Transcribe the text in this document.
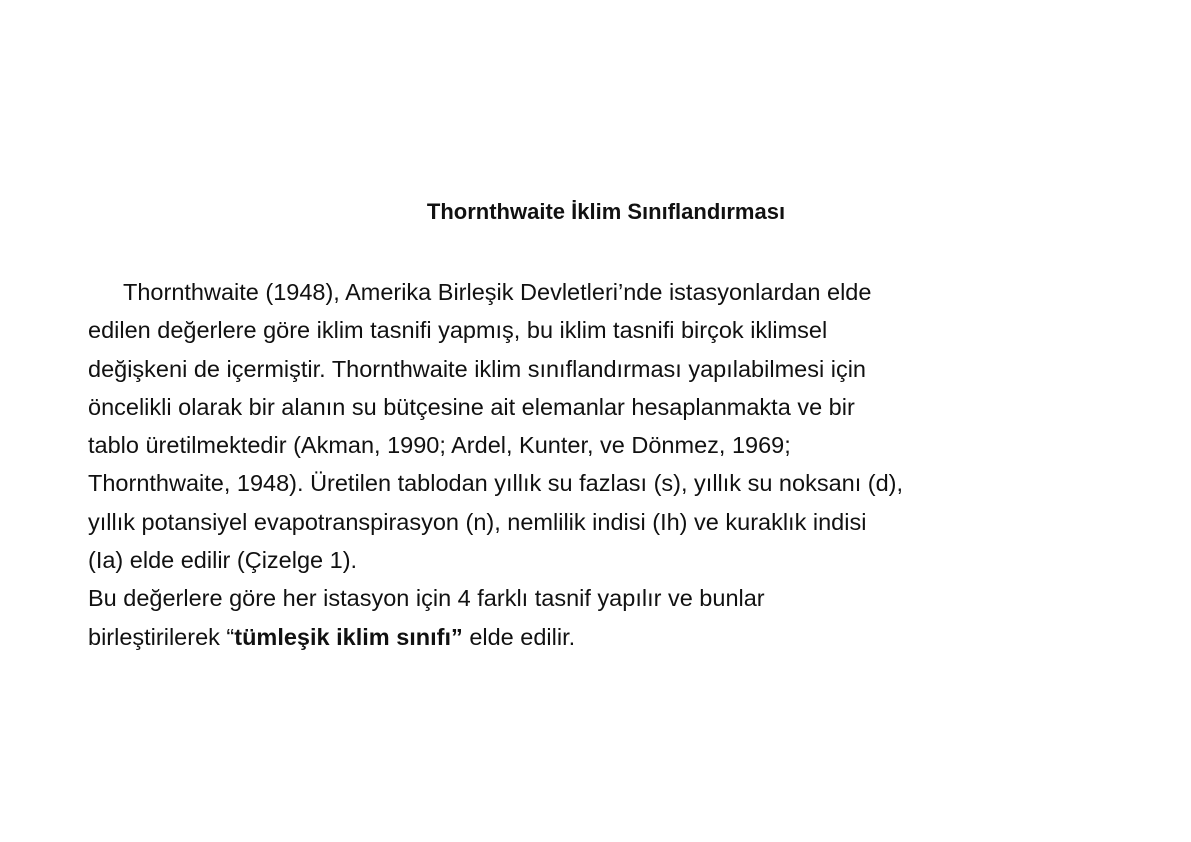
Thornthwaite İklim Sınıflandırması
Thornthwaite (1948), Amerika Birleşik Devletleri’nde istasyonlardan elde
edilen değerlere göre iklim tasnifi yapmış, bu iklim tasnifi birçok iklimsel
değişkeni de içermiştir. Thornthwaite iklim sınıflandırması yapılabilmesi için
öncelikli olarak bir alanın su bütçesine ait elemanlar hesaplanmakta ve bir
tablo üretilmektedir (Akman, 1990; Ardel, Kunter, ve Dönmez, 1969;
Thornthwaite, 1948). Üretilen tablodan yıllık su fazlası (s), yıllık su noksanı (d),
yıllık potansiyel evapotranspirasyon (n), nemlilik indisi (Ih) ve kuraklık indisi
(Ia) elde edilir (Çizelge 1).
Bu değerlere göre her istasyon için 4 farklı tasnif yapılır ve bunlar
birleştirilerek “tümleşik iklim sınıfı” elde edilir.
